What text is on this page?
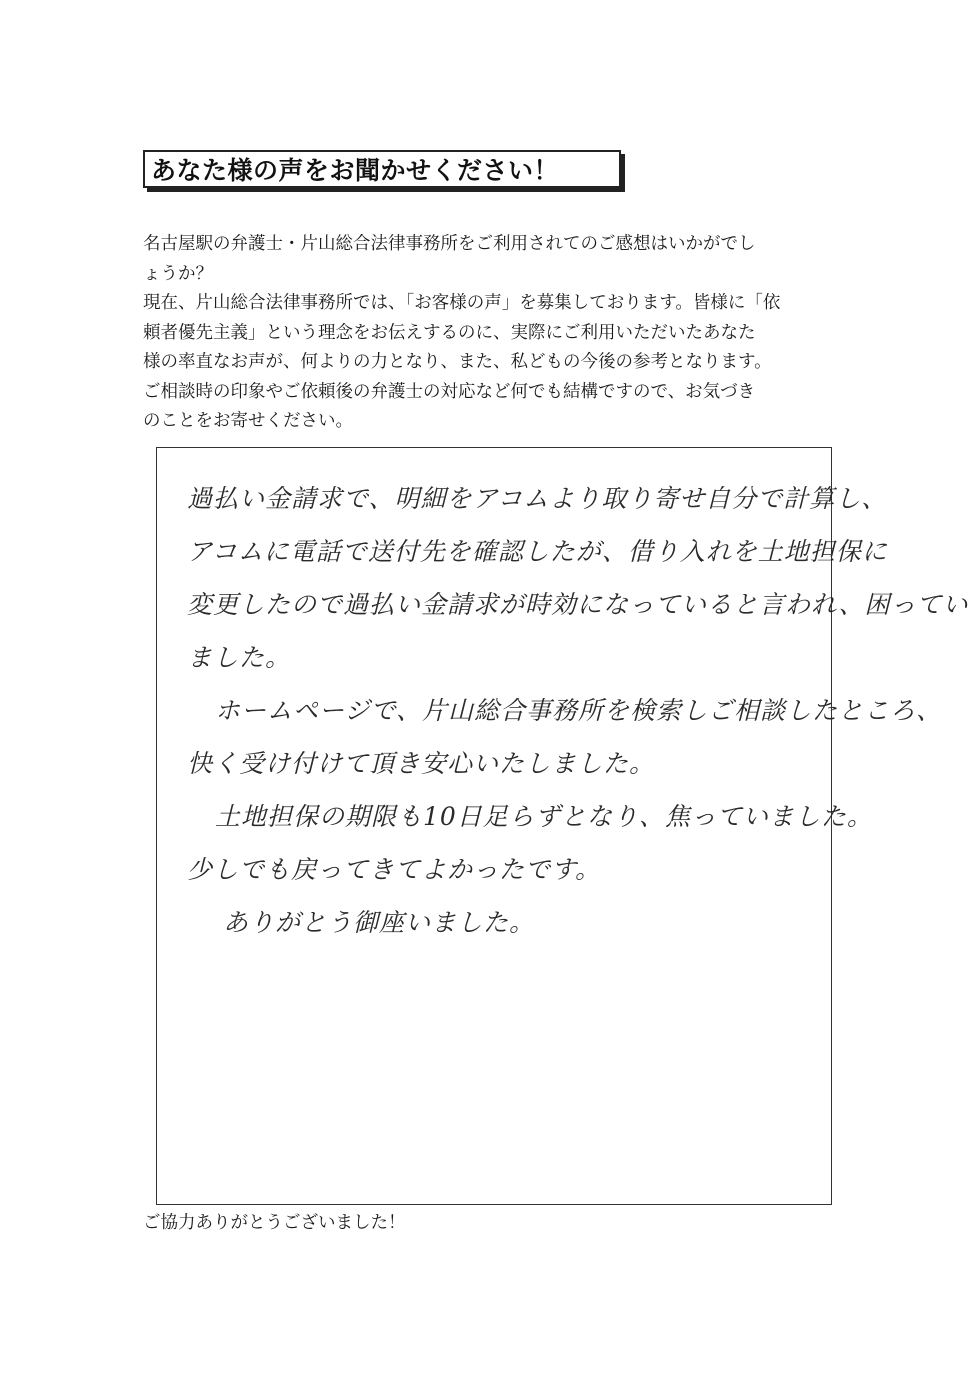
あなた様の声をお聞かせください！

名古屋駅の弁護士・片山総合法律事務所をご利用されてのご感想はいかがでし

ょうか？

現在、片山総合法律事務所では、「お客様の声」を募集しております。皆様に「依

頼者優先主義」という理念をお伝えするのに、実際にご利用いただいたあなた

様の率直なお声が、何よりの力となり、また、私どもの今後の参考となります。

ご相談時の印象やご依頼後の弁護士の対応など何でも結構ですので、お気づき

のことをお寄せください。

過払い金請求で、明細をアコムより取り寄せ自分で計算し、

アコムに電話で送付先を確認したが、借り入れを土地担保に

変更したので過払い金請求が時効になっていると言われ、困ってい

ました。

ホームページで、片山総合事務所を検索しご相談したところ、

快く受け付けて頂き安心いたしました。

土地担保の期限も10日足らずとなり、焦っていました。

少しでも戻ってきてよかったです。

ありがとう御座いました。

ご協力ありがとうございました！
